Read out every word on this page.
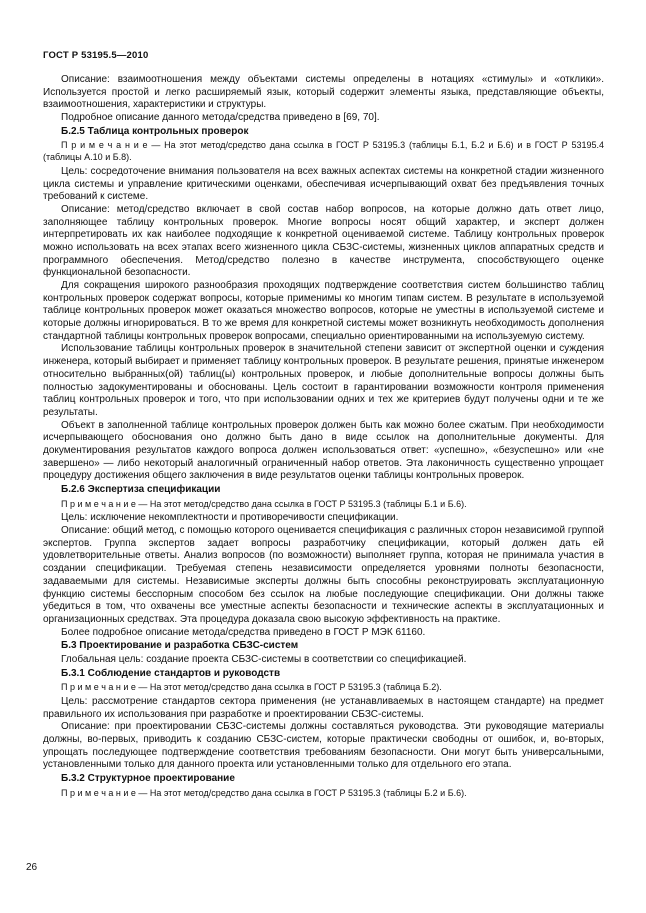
ГОСТ Р 53195.5—2010

Описание: взаимоотношения между объектами системы определены в нотациях «стимулы» и «отклики». Используется простой и легко расширяемый язык, который содержит элементы языка, представляющие объекты, взаимоотношения, характеристики и структуры.

Подробное описание данного метода/средства приведено в [69, 70].

Б.2.5 Таблица контрольных проверок

П р и м е ч а н и е — На этот метод/средство дана ссылка в ГОСТ Р 53195.3 (таблицы Б.1, Б.2 и Б.6) и в ГОСТ Р 53195.4 (таблицы А.10 и Б.8).

Цель: сосредоточение внимания пользователя на всех важных аспектах системы на конкретной стадии жизненного цикла системы и управление критическими оценками, обеспечивая исчерпывающий охват без предъявления точных требований к системе.

Описание: метод/средство включает в свой состав набор вопросов, на которые должно дать ответ лицо, заполняющее таблицу контрольных проверок. Многие вопросы носят общий характер, и эксперт должен интерпретировать их как наиболее подходящие к конкретной оцениваемой системе. Таблицу контрольных проверок можно использовать на всех этапах всего жизненного цикла СБЗС-системы, жизненных циклов аппаратных средств и программного обеспечения. Метод/средство полезно в качестве инструмента, способствующего оценке функциональной безопасности.

Для сокращения широкого разнообразия проходящих подтверждение соответствия систем большинство таблиц контрольных проверок содержат вопросы, которые применимы ко многим типам систем. В результате в используемой таблице контрольных проверок может оказаться множество вопросов, которые не уместны в используемой системе и которые должны игнорироваться. В то же время для конкретной системы может возникнуть необходимость дополнения стандартной таблицы контрольных проверок вопросами, специально ориентированными на используемую систему.

Использование таблицы контрольных проверок в значительной степени зависит от экспертной оценки и суждения инженера, который выбирает и применяет таблицу контрольных проверок. В результате решения, принятые инженером относительно выбранных(ой) таблиц(ы) контрольных проверок, и любые дополнительные вопросы должны быть полностью задокументированы и обоснованы. Цель состоит в гарантировании возможности контроля применения таблиц контрольных проверок и того, что при использовании одних и тех же критериев будут получены одни и те же результаты.

Объект в заполненной таблице контрольных проверок должен быть как можно более сжатым. При необходимости исчерпывающего обоснования оно должно быть дано в виде ссылок на дополнительные документы. Для документирования результатов каждого вопроса должен использоваться ответ: «успешно», «безуспешно» или «не завершено» — либо некоторый аналогичный ограниченный набор ответов. Эта лаконичность существенно упрощает процедуру достижения общего заключения в виде результатов оценки таблицы контрольных проверок.

Б.2.6 Экспертиза спецификации

П р и м е ч а н и е — На этот метод/средство дана ссылка в ГОСТ Р 53195.3 (таблицы Б.1 и Б.6).

Цель: исключение некомплектности и противоречивости спецификации.

Описание: общий метод, с помощью которого оценивается спецификация с различных сторон независимой группой экспертов. Группа экспертов задает вопросы разработчику спецификации, который должен дать ей удовлетворительные ответы. Анализ вопросов (по возможности) выполняет группа, которая не принимала участия в создании спецификации. Требуемая степень независимости определяется уровнями полноты безопасности, задаваемыми для системы. Независимые эксперты должны быть способны реконструировать эксплуатационную функцию системы бесспорным способом без ссылок на любые последующие спецификации. Они должны также убедиться в том, что охвачены все уместные аспекты безопасности и технические аспекты в эксплуатационных и организационных средствах. Эта процедура доказала свою высокую эффективность на практике.

Более подробное описание метода/средства приведено в ГОСТ Р МЭК 61160.

Б.3 Проектирование и разработка СБЗС-систем

Глобальная цель: создание проекта СБЗС-системы в соответствии со спецификацией.

Б.3.1 Соблюдение стандартов и руководств

П р и м е ч а н и е — На этот метод/средство дана ссылка в ГОСТ Р 53195.3 (таблица Б.2).

Цель: рассмотрение стандартов сектора применения (не устанавливаемых в настоящем стандарте) на предмет правильного их использования при разработке и проектировании СБЗС-системы.

Описание: при проектировании СБЗС-системы должны составляться руководства. Эти руководящие материалы должны, во-первых, приводить к созданию СБЗС-систем, которые практически свободны от ошибок, и, во-вторых, упрощать последующее подтверждение соответствия требованиям безопасности. Они могут быть универсальными, установленными только для данного проекта или установленными только для отдельного его этапа.

Б.3.2 Структурное проектирование

П р и м е ч а н и е — На этот метод/средство дана ссылка в ГОСТ Р 53195.3 (таблицы Б.2 и Б.6).

26
